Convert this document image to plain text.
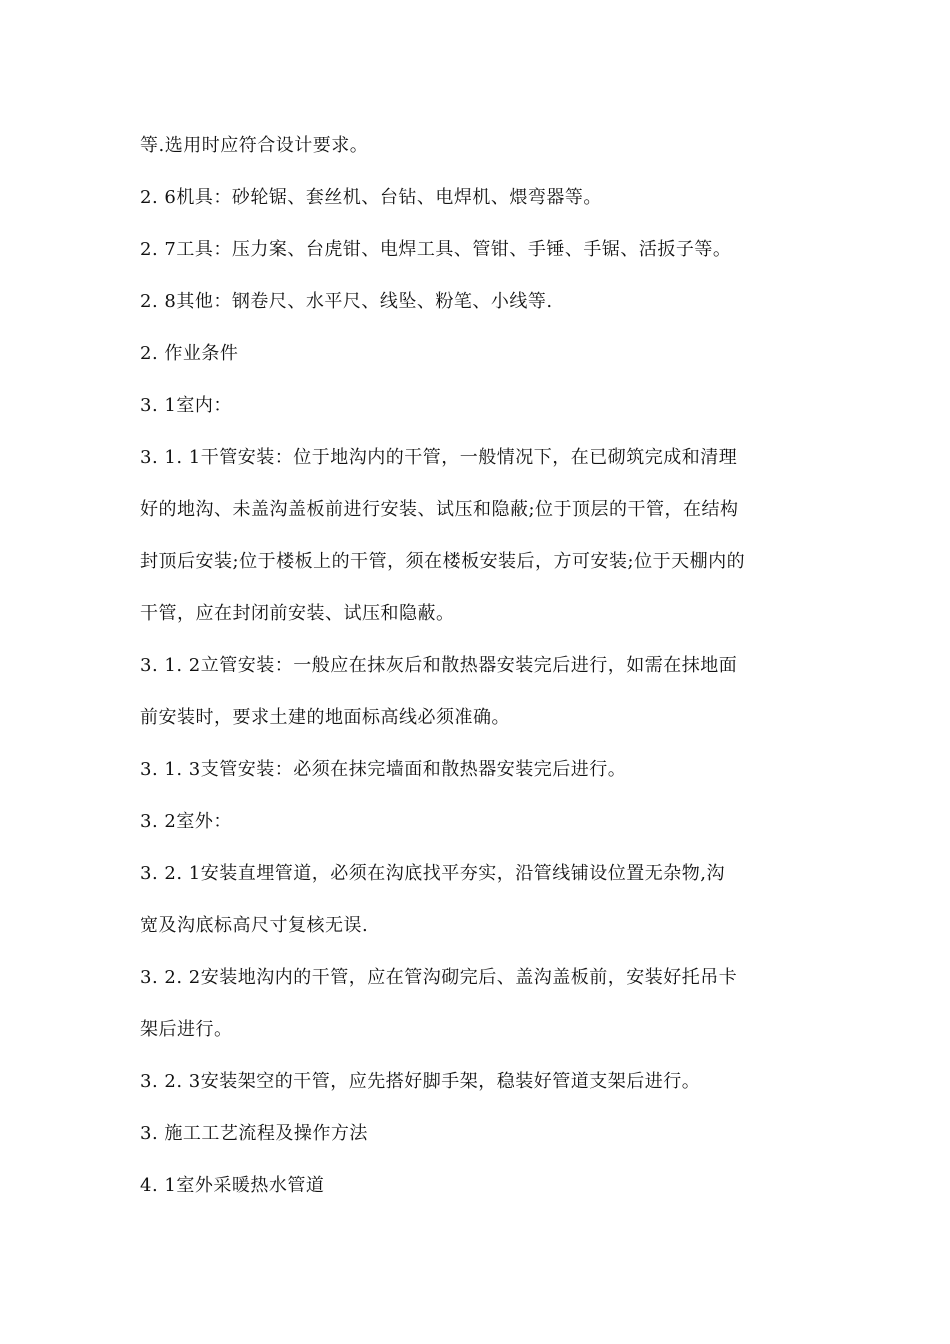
等.选用时应符合设计要求。
2. 6机具：砂轮锯、套丝机、台钻、电焊机、煨弯器等。
2. 7工具：压力案、台虎钳、电焊工具、管钳、手锤、手锯、活扳子等。
2. 8其他：钢卷尺、水平尺、线坠、粉笔、小线等.
2. 作业条件
3. 1室内：
3. 1. 1干管安装：位于地沟内的干管，一般情况下，在已砌筑完成和清理
好的地沟、未盖沟盖板前进行安装、试压和隐蔽;位于顶层的干管，在结构
封顶后安装;位于楼板上的干管，须在楼板安装后，方可安装;位于天棚内的
干管，应在封闭前安装、试压和隐蔽。
3. 1. 2立管安装：一般应在抹灰后和散热器安装完后进行，如需在抹地面
前安装时，要求土建的地面标高线必须准确。
3. 1. 3支管安装：必须在抹完墙面和散热器安装完后进行。
3. 2室外：
3. 2. 1安装直埋管道，必须在沟底找平夯实，沿管线铺设位置无杂物,沟
宽及沟底标高尺寸复核无误.
3. 2. 2安装地沟内的干管，应在管沟砌完后、盖沟盖板前，安装好托吊卡
架后进行。
3. 2. 3安装架空的干管，应先搭好脚手架，稳装好管道支架后进行。
3. 施工工艺流程及操作方法
4. 1室外采暖热水管道
